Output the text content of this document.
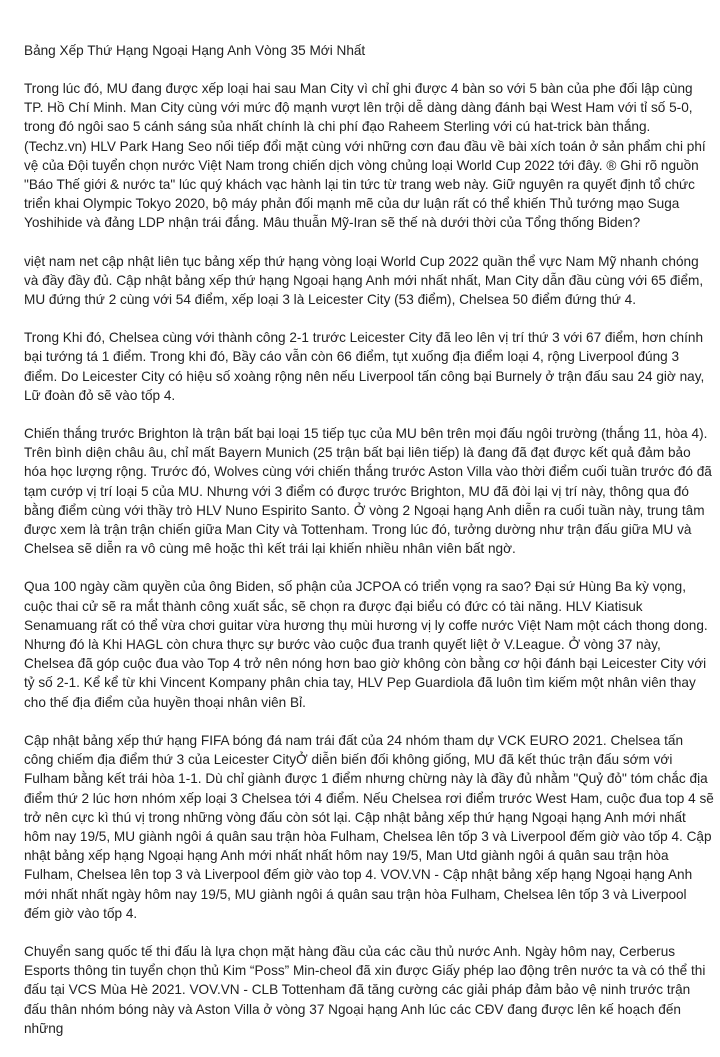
Bảng Xếp Thứ Hạng Ngoại Hạng Anh Vòng 35 Mới Nhất

Trong lúc đó, MU đang được xếp loại hai sau Man City vì chỉ ghi được 4 bàn so với 5 bàn của phe đối lập cùng TP. Hồ Chí Minh. Man City cùng với mức độ mạnh vượt lên trội dễ dàng dàng đánh bại West Ham với tỉ số 5-0, trong đó ngôi sao 5 cánh sáng sủa nhất chính là chi phí đạo Raheem Sterling với cú hat-trick bàn thắng. (Techz.vn) HLV Park Hang Seo nối tiếp đổi mặt cùng với những cơn đau đầu về bài xích toán ở sản phẩm chi phí vệ của Đội tuyển chọn nước Việt Nam trong chiến dịch vòng chủng loại World Cup 2022 tới đây. ® Ghi rõ nguồn "Báo Thế giới & nước ta" lúc quý khách vạc hành lại tin tức từ trang web này. Giữ nguyên ra quyết định tổ chức triển khai Olympic Tokyo 2020, bộ máy phản đối mạnh mẽ của dư luận rất có thể khiến Thủ tướng mạo Suga Yoshihide và đảng LDP nhận trái đắng. Mâu thuẫn Mỹ-Iran sẽ thế nà dưới thời của Tổng thống Biden?

việt nam net cập nhật liên tục bảng xếp thứ hạng vòng loại World Cup 2022 quần thể vực Nam Mỹ nhanh chóng và đầy đầy đủ. Cập nhật bảng xếp thứ hạng Ngoại hạng Anh mới nhất nhất, Man City dẫn đầu cùng với 65 điểm, MU đứng thứ 2 cùng với 54 điểm, xếp loại 3 là Leicester City (53 điểm), Chelsea 50 điểm đứng thứ 4.

Trong Khi đó, Chelsea cùng với thành công 2-1 trước Leicester City đã leo lên vị trí thứ 3 với 67 điểm, hơn chính bại tướng tá 1 điểm. Trong khi đó, Bầy cáo vẫn còn 66 điểm, tụt xuống địa điểm loại 4, rộng Liverpool đúng 3 điểm. Do Leicester City có hiệu số xoàng rộng nên nếu Liverpool tấn công bại Burnely ở trận đấu sau 24 giờ nay, Lữ đoàn đỏ sẽ vào tốp 4.

Chiến thắng trước Brighton là trận bất bại loại 15 tiếp tục của MU bên trên mọi đấu ngôi trường (thắng 11, hòa 4). Trên bình diện châu âu, chỉ mất Bayern Munich (25 trận bất bại liên tiếp) là đang đã đạt được kết quả đảm bảo hóa học lượng rộng. Trước đó, Wolves cùng với chiến thắng trước Aston Villa vào thời điểm cuối tuần trước đó đã tạm cướp vị trí loại 5 của MU. Nhưng với 3 điểm có được trước Brighton, MU đã đòi lại vị trí này, thông qua đó bằng điểm cùng với thầy trò HLV Nuno Espirito Santo. Ở vòng 2 Ngoại hạng Anh diễn ra cuối tuần này, trung tâm được xem là trận trận chiến giữa Man City và Tottenham. Trong lúc đó, tưởng dường như trận đấu giữa MU và Chelsea sẽ diễn ra vô cùng mê hoặc thì kết trái lại khiến nhiều nhân viên bất ngờ.

Qua 100 ngày cầm quyền của ông Biden, số phận của JCPOA có triển vọng ra sao? Đại sứ Hùng Ba kỳ vọng, cuộc thai cử sẽ ra mắt thành công xuất sắc, sẽ chọn ra được đại biểu có đức có tài năng. HLV Kiatisuk Senamuang rất có thể vừa chơi guitar vừa hương thụ mùi hương vị ly coffe nước Việt Nam một cách thong dong. Nhưng đó là Khi HAGL còn chưa thực sự bước vào cuộc đua tranh quyết liệt ở V.League. Ở vòng 37 này, Chelsea đã góp cuộc đua vào Top 4 trở nên nóng hơn bao giờ không còn bằng cơ hội đánh bại Leicester City với tỷ số 2-1. Kể kể từ khi Vincent Kompany phân chia tay, HLV Pep Guardiola đã luôn tìm kiếm một nhân viên thay cho thế địa điểm của huyền thoại nhân viên Bỉ.

Cập nhật bảng xếp thứ hạng FIFA bóng đá nam trái đất của 24 nhóm tham dự VCK EURO 2021. Chelsea tấn công chiếm địa điểm thứ 3 của Leicester CityỞ diễn biến đối không giống, MU đã kết thúc trận đấu sớm với Fulham bằng kết trái hòa 1-1. Dù chỉ giành được 1 điểm nhưng chừng này là đầy đủ nhằm "Quỷ đỏ" tóm chắc địa điểm thứ 2 lúc hơn nhóm xếp loại 3 Chelsea tới 4 điểm. Nếu Chelsea rơi điểm trước West Ham, cuộc đua top 4 sẽ trở nên cực kì thú vị trong những vòng đấu còn sót lại. Cập nhật bảng xếp thứ hạng Ngoại hạng Anh mới nhất hôm nay 19/5, MU giành ngôi á quân sau trận hòa Fulham, Chelsea lên tốp 3 và Liverpool đếm giờ vào tốp 4. Cập nhật bảng xếp hạng Ngoại hạng Anh mới nhất nhất hôm nay 19/5, Man Utd giành ngôi á quân sau trận hòa Fulham, Chelsea lên top 3 và Liverpool đếm giờ vào top 4. VOV.VN - Cập nhật bảng xếp hạng Ngoại hạng Anh mới nhất nhất ngày hôm nay 19/5, MU giành ngôi á quân sau trận hòa Fulham, Chelsea lên tốp 3 và Liverpool đếm giờ vào tốp 4.

Chuyển sang quốc tế thi đấu là lựa chọn mặt hàng đầu của các cầu thủ nước Anh. Ngày hôm nay, Cerberus Esports thông tin tuyển chọn thủ Kim “Poss” Min-cheol đã xin được Giấy phép lao động trên nước ta và có thể thi đấu tại VCS Mùa Hè 2021. VOV.VN - CLB Tottenham đã tăng cường các giải pháp đảm bảo vệ ninh trước trận đấu thân nhóm bóng này và Aston Villa ở vòng 37 Ngoại hạng Anh lúc các CĐV đang được lên kế hoạch đến những
